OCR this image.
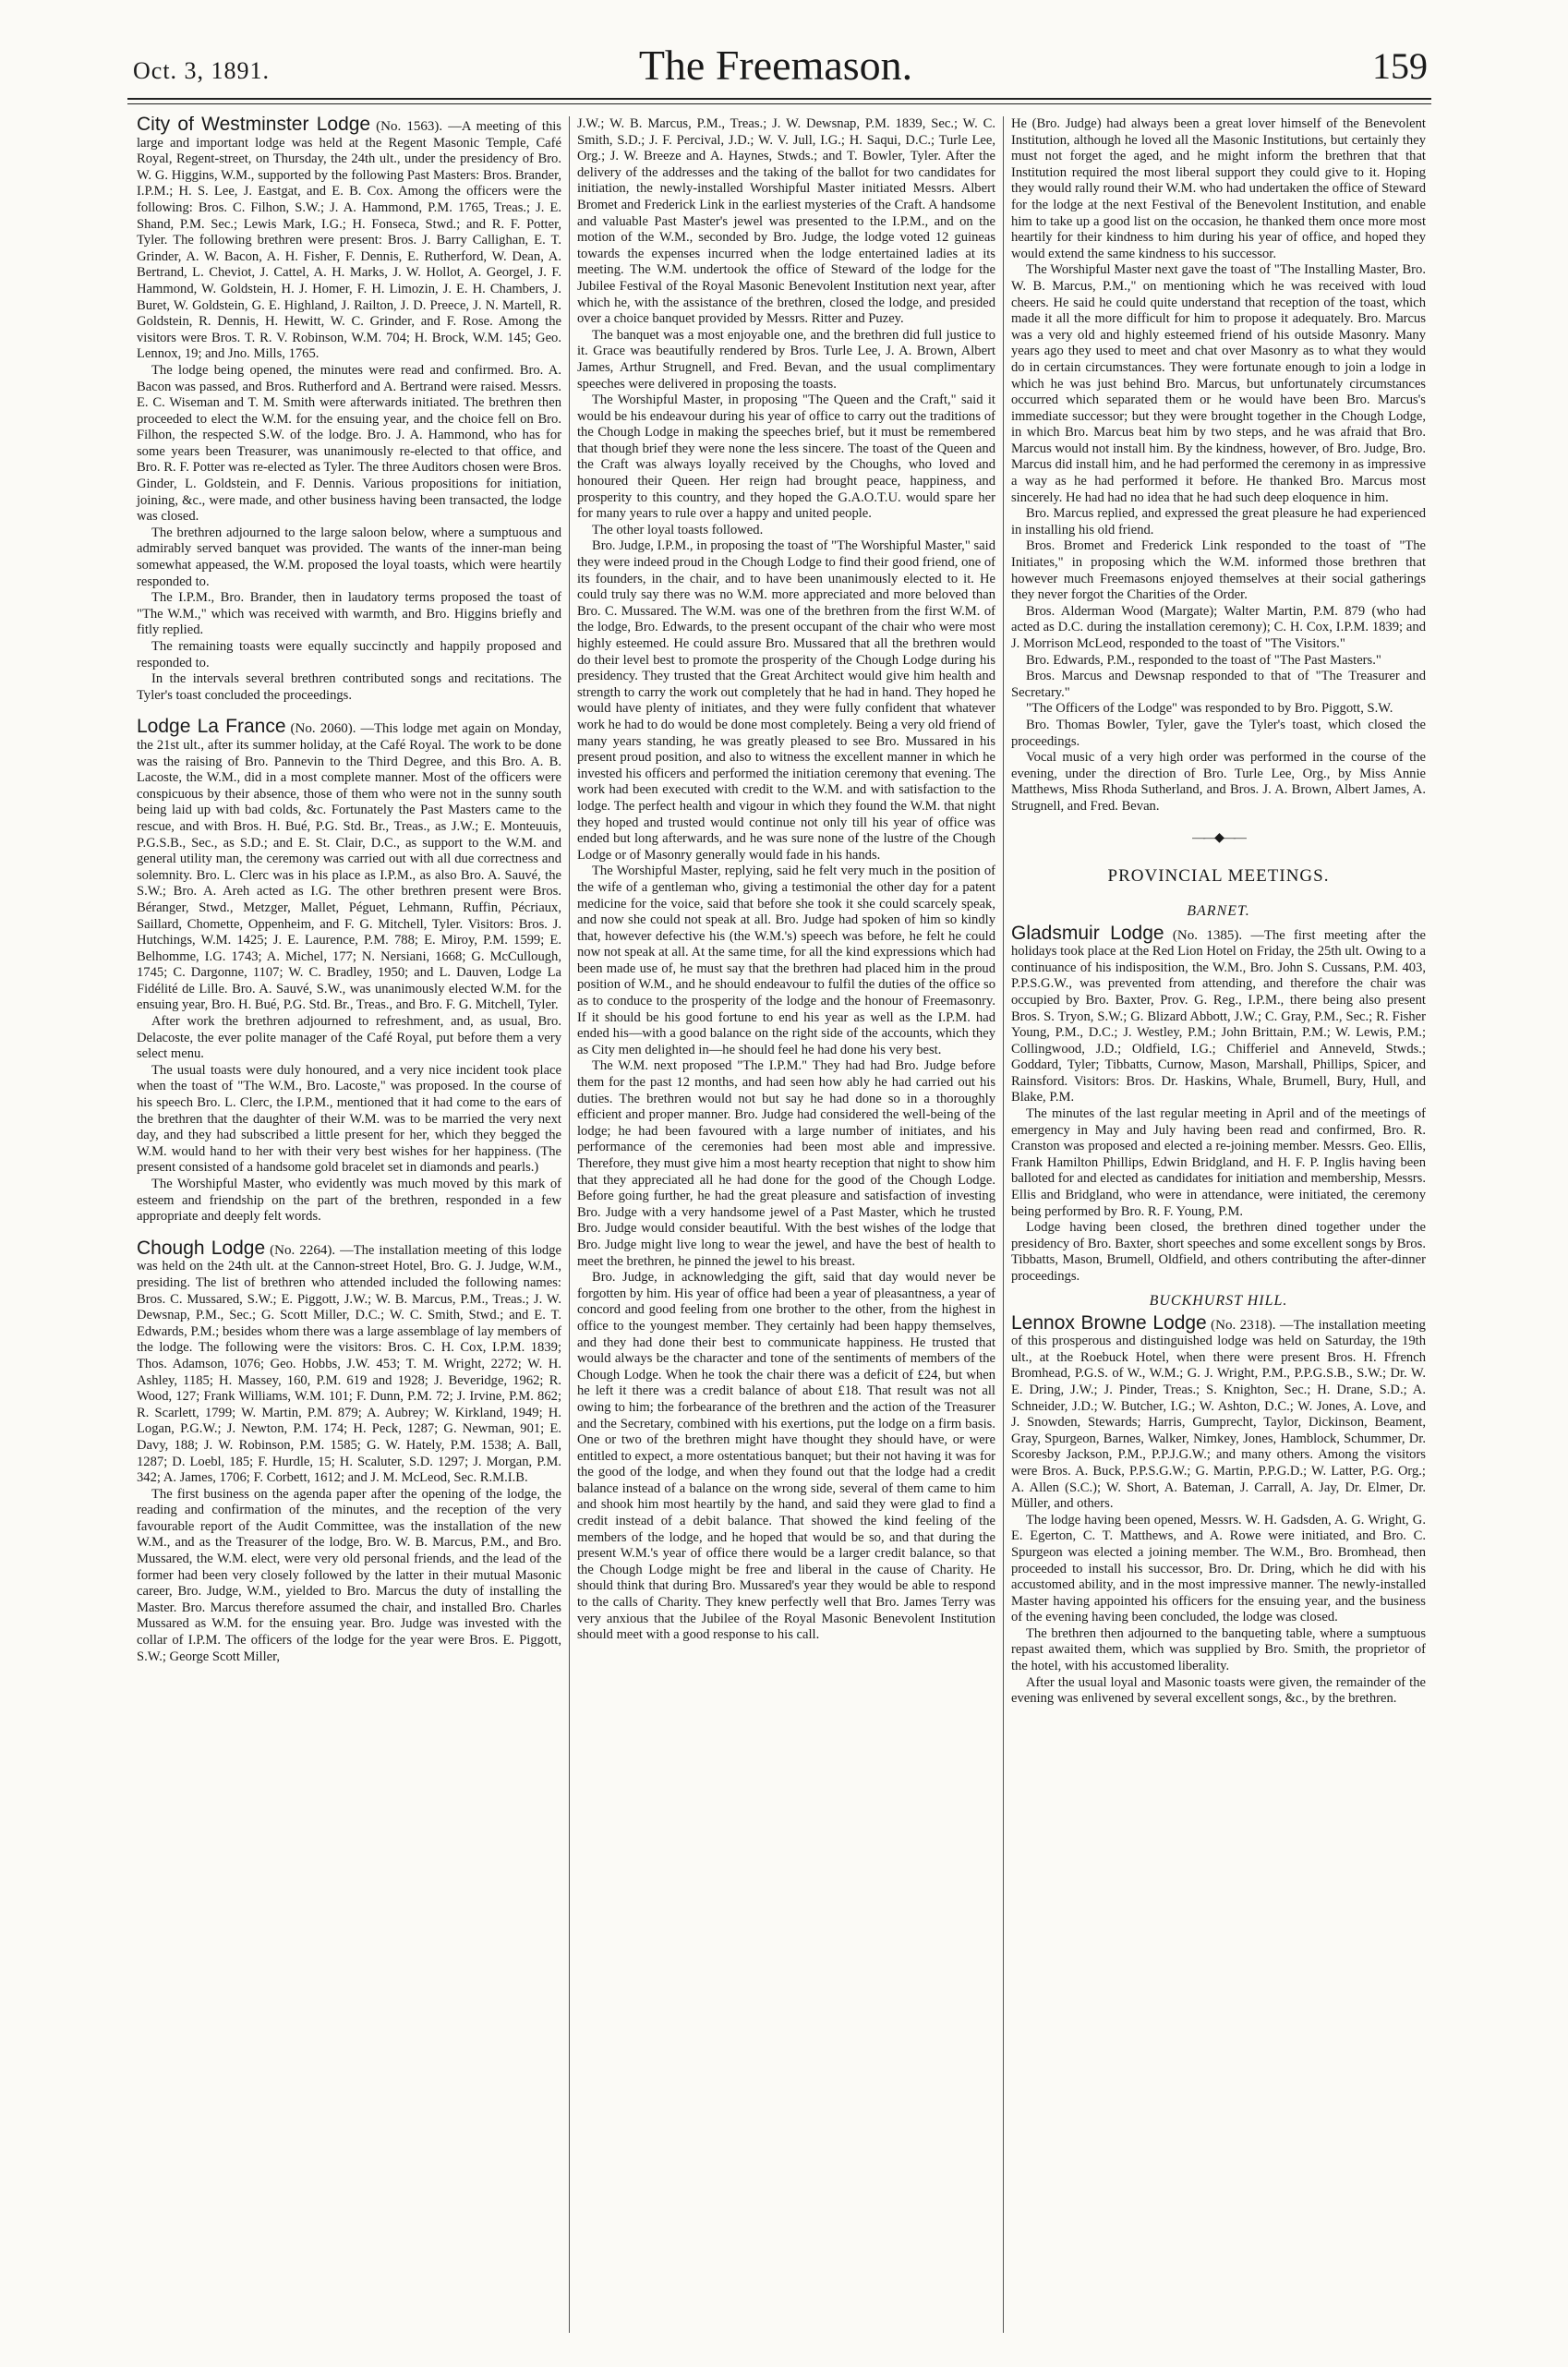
Oct. 3, 1891.	The Freemason.	159

City of Westminster Lodge (No. 1563). —A meeting of this large and important lodge was held at the Regent Masonic Temple, Café Royal, Regent-street, on Thursday, the 24th ult., under the presidency of Bro. W. G. Higgins, W.M., supported by the following Past Masters: Bros. Brander, I.P.M.; H. S. Lee, J. Eastgat, and E. B. Cox. Among the officers were the following: Bros. C. Filhon, S.W.; J. A. Hammond, P.M. 1765, Treas.; J. E. Shand, P.M. Sec.; Lewis Mark, I.G.; H. Fonseca, Stwd.; and R. F. Potter, Tyler. The following brethren were present: Bros. J. Barry Callighan, E. T. Grinder, A. W. Bacon, A. H. Fisher, F. Dennis, E. Rutherford, W. Dean, A. Bertrand, L. Cheviot, J. Cattel, A. H. Marks, J. W. Hollot, A. Georgel, J. F. Hammond, W. Goldstein, H. J. Homer, F. H. Limozin, J. E. H. Chambers, J. Buret, W. Goldstein, G. E. Highland, J. Railton, J. D. Preece, J. N. Martell, R. Goldstein, R. Dennis, H. Hewitt, W. C. Grinder, and F. Rose. Among the visitors were Bros. T. R. V. Robinson, W.M. 704; H. Brock, W.M. 145; Geo. Lennox, 19; and Jno. Mills, 1765.

The lodge being opened, the minutes were read and confirmed. Bro. A. Bacon was passed, and Bros. Rutherford and A. Bertrand were raised. Messrs. E. C. Wiseman and T. M. Smith were afterwards initiated. The brethren then proceeded to elect the W.M. for the ensuing year, and the choice fell on Bro. Filhon, the respected S.W. of the lodge. Bro. J. A. Hammond, who has for some years been Treasurer, was unanimously re-elected to that office, and Bro. R. F. Potter was re-elected as Tyler. The three Auditors chosen were Bros. Ginder, L. Goldstein, and F. Dennis. Various propositions for initiation, joining, &c., were made, and other business having been transacted, the lodge was closed.

The brethren adjourned to the large saloon below, where a sumptuous and admirably served banquet was provided. The wants of the inner-man being somewhat appeased, the W.M. proposed the loyal toasts, which were heartily responded to.

The I.P.M., Bro. Brander, then in laudatory terms proposed the toast of "The W.M.," which was received with warmth, and Bro. Higgins briefly and fitly replied.

The remaining toasts were equally succinctly and happily proposed and responded to.

In the intervals several brethren contributed songs and recitations. The Tyler's toast concluded the proceedings.

Lodge La France (No. 2060). —This lodge met again on Monday, the 21st ult., after its summer holiday, at the Café Royal. The work to be done was the raising of Bro. Pannevin to the Third Degree, and this Bro. A. B. Lacoste, the W.M., did in a most complete manner. Most of the officers were conspicuous by their absence, those of them who were not in the sunny south being laid up with bad colds, &c. Fortunately the Past Masters came to the rescue, and with Bros. H. Bué, P.G. Std. Br., Treas., as J.W.; E. Monteuuis, P.G.S.B., Sec., as S.D.; and E. St. Clair, D.C., as support to the W.M. and general utility man, the ceremony was carried out with all due correctness and solemnity. Bro. L. Clerc was in his place as I.P.M., as also Bro. A. Sauvé, the S.W.; Bro. A. Areh acted as I.G. The other brethren present were Bros. Béranger, Stwd., Metzger, Mallet, Péguet, Lehmann, Ruffin, Pécriaux, Saillard, Chomette, Oppenheim, and F. G. Mitchell, Tyler. Visitors: Bros. J. Hutchings, W.M. 1425; J. E. Laurence, P.M. 788; E. Miroy, P.M. 1599; E. Belhomme, I.G. 1743; A. Michel, 177; N. Nersiani, 1668; G. McCullough, 1745; C. Dargonne, 1107; W. C. Bradley, 1950; and L. Dauven, Lodge La Fidélité de Lille. Bro. A. Sauvé, S.W., was unanimously elected W.M. for the ensuing year, Bro. H. Bué, P.G. Std. Br., Treas., and Bro. F. G. Mitchell, Tyler.

After work the brethren adjourned to refreshment, and, as usual, Bro. Delacoste, the ever polite manager of the Café Royal, put before them a very select menu.

The usual toasts were duly honoured, and a very nice incident took place when the toast of "The W.M., Bro. Lacoste," was proposed. In the course of his speech Bro. L. Clerc, the I.P.M., mentioned that it had come to the ears of the brethren that the daughter of their W.M. was to be married the very next day, and they had subscribed a little present for her, which they begged the W.M. would hand to her with their very best wishes for her happiness. (The present consisted of a handsome gold bracelet set in diamonds and pearls.)

The Worshipful Master, who evidently was much moved by this mark of esteem and friendship on the part of the brethren, responded in a few appropriate and deeply felt words.

Chough Lodge (No. 2264). —The installation meeting of this lodge was held on the 24th ult. at the Cannon-street Hotel, Bro. G. J. Judge, W.M., presiding. The list of brethren who attended included the following names: Bros. C. Mussared, S.W.; E. Piggott, J.W.; W. B. Marcus, P.M., Treas.; J. W. Dewsnap, P.M., Sec.; G. Scott Miller, D.C.; W. C. Smith, Stwd.; and E. T. Edwards, P.M.; besides whom there was a large assemblage of lay members of the lodge. The following were the visitors: Bros. C. H. Cox, I.P.M. 1839; Thos. Adamson, 1076; Geo. Hobbs, J.W. 453; T. M. Wright, 2272; W. H. Ashley, 1185; H. Massey, 160, P.M. 619 and 1928; J. Beveridge, 1962; R. Wood, 127; Frank Williams, W.M. 101; F. Dunn, P.M. 72; J. Irvine, P.M. 862; R. Scarlett, 1799; W. Martin, P.M. 879; A. Aubrey; W. Kirkland, 1949; H. Logan, P.G.W.; J. Newton, P.M. 174; H. Peck, 1287; G. Newman, 901; E. Davy, 188; J. W. Robinson, P.M. 1585; G. W. Hately, P.M. 1538; A. Ball, 1287; D. Loebl, 185; F. Hurdle, 15; H. Scaluter, S.D. 1297; J. Morgan, P.M. 342; A. James, 1706; F. Corbett, 1612; and J. M. McLeod, Sec. R.M.I.B.

The first business on the agenda paper after the opening of the lodge, the reading and confirmation of the minutes, and the reception of the very favourable report of the Audit Committee, was the installation of the new W.M., and as the Treasurer of the lodge, Bro. W. B. Marcus, P.M., and Bro. Mussared, the W.M. elect, were very old personal friends, and the lead of the former had been very closely followed by the latter in their mutual Masonic career, Bro. Judge, W.M., yielded to Bro. Marcus the duty of installing the Master. Bro. Marcus therefore assumed the chair, and installed Bro. Charles Mussared as W.M. for the ensuing year. Bro. Judge was invested with the collar of I.P.M. The officers of the lodge for the year were Bros. E. Piggott, S.W.; George Scott Miller,

J.W.; W. B. Marcus, P.M., Treas.; J. W. Dewsnap, P.M. 1839, Sec.; W. C. Smith, S.D.; J. F. Percival, J.D.; W. V. Jull, I.G.; H. Saqui, D.C.; Turle Lee, Org.; J. W. Breeze and A. Haynes, Stwds.; and T. Bowler, Tyler. After the delivery of the addresses and the taking of the ballot for two candidates for initiation, the newly-installed Worshipful Master initiated Messrs. Albert Bromet and Frederick Link in the earliest mysteries of the Craft. A handsome and valuable Past Master's jewel was presented to the I.P.M., and on the motion of the W.M., seconded by Bro. Judge, the lodge voted 12 guineas towards the expenses incurred when the lodge entertained ladies at its meeting. The W.M. undertook the office of Steward of the lodge for the Jubilee Festival of the Royal Masonic Benevolent Institution next year, after which he, with the assistance of the brethren, closed the lodge, and presided over a choice banquet provided by Messrs. Ritter and Puzey.

The banquet was a most enjoyable one, and the brethren did full justice to it. Grace was beautifully rendered by Bros. Turle Lee, J. A. Brown, Albert James, Arthur Strugnell, and Fred. Bevan, and the usual complimentary speeches were delivered in proposing the toasts.

The Worshipful Master, in proposing "The Queen and the Craft," said it would be his endeavour during his year of office to carry out the traditions of the Chough Lodge in making the speeches brief, but it must be remembered that though brief they were none the less sincere. The toast of the Queen and the Craft was always loyally received by the Choughs, who loved and honoured their Queen. Her reign had brought peace, happiness, and prosperity to this country, and they hoped the G.A.O.T.U. would spare her for many years to rule over a happy and united people.

The other loyal toasts followed.

Bro. Judge, I.P.M., in proposing the toast of "The Worshipful Master," said they were indeed proud in the Chough Lodge to find their good friend, one of its founders, in the chair, and to have been unanimously elected to it. He could truly say there was no W.M. more appreciated and more beloved than Bro. C. Mussared. The W.M. was one of the brethren from the first W.M. of the lodge, Bro. Edwards, to the present occupant of the chair who were most highly esteemed. He could assure Bro. Mussared that all the brethren would do their level best to promote the prosperity of the Chough Lodge during his presidency. They trusted that the Great Architect would give him health and strength to carry the work out completely that he had in hand. They hoped he would have plenty of initiates, and they were fully confident that whatever work he had to do would be done most completely. Being a very old friend of many years standing, he was greatly pleased to see Bro. Mussared in his present proud position, and also to witness the excellent manner in which he invested his officers and performed the initiation ceremony that evening. The work had been executed with credit to the W.M. and with satisfaction to the lodge. The perfect health and vigour in which they found the W.M. that night they hoped and trusted would continue not only till his year of office was ended but long afterwards, and he was sure none of the lustre of the Chough Lodge or of Masonry generally would fade in his hands.

The Worshipful Master, replying, said he felt very much in the position of the wife of a gentleman who, giving a testimonial the other day for a patent medicine for the voice, said that before she took it she could scarcely speak, and now she could not speak at all. Bro. Judge had spoken of him so kindly that, however defective his (the W.M.'s) speech was before, he felt he could now not speak at all. At the same time, for all the kind expressions which had been made use of, he must say that the brethren had placed him in the proud position of W.M., and he should endeavour to fulfil the duties of the office so as to conduce to the prosperity of the lodge and the honour of Freemasonry. If it should be his good fortune to end his year as well as the I.P.M. had ended his—with a good balance on the right side of the accounts, which they as City men delighted in—he should feel he had done his very best.

The W.M. next proposed "The I.P.M." They had had Bro. Judge before them for the past 12 months, and had seen how ably he had carried out his duties. The brethren would not but say he had done so in a thoroughly efficient and proper manner. Bro. Judge had considered the well-being of the lodge; he had been favoured with a large number of initiates, and his performance of the ceremonies had been most able and impressive. Therefore, they must give him a most hearty reception that night to show him that they appreciated all he had done for the good of the Chough Lodge. Before going further, he had the great pleasure and satisfaction of investing Bro. Judge with a very handsome jewel of a Past Master, which he trusted Bro. Judge would consider beautiful. With the best wishes of the lodge that Bro. Judge might live long to wear the jewel, and have the best of health to meet the brethren, he pinned the jewel to his breast.

Bro. Judge, in acknowledging the gift, said that day would never be forgotten by him. His year of office had been a year of pleasantness, a year of concord and good feeling from one brother to the other, from the highest in office to the youngest member. They certainly had been happy themselves, and they had done their best to communicate happiness. He trusted that would always be the character and tone of the sentiments of members of the Chough Lodge. When he took the chair there was a deficit of £24, but when he left it there was a credit balance of about £18. That result was not all owing to him; the forbearance of the brethren and the action of the Treasurer and the Secretary, combined with his exertions, put the lodge on a firm basis. One or two of the brethren might have thought they should have, or were entitled to expect, a more ostentatious banquet; but their not having it was for the good of the lodge, and when they found out that the lodge had a credit balance instead of a balance on the wrong side, several of them came to him and shook him most heartily by the hand, and said they were glad to find a credit instead of a debit balance. That showed the kind feeling of the members of the lodge, and he hoped that would be so, and that during the present W.M.'s year of office there would be a larger credit balance, so that the Chough Lodge might be free and liberal in the cause of Charity. He should think that during Bro. Mussared's year they would be able to respond to the calls of Charity. They knew perfectly well that Bro. James Terry was very anxious that the Jubilee of the Royal Masonic Benevolent Institution should meet with a good response to his call.

He (Bro. Judge) had always been a great lover himself of the Benevolent Institution, although he loved all the Masonic Institutions, but certainly they must not forget the aged, and he might inform the brethren that that Institution required the most liberal support they could give to it. Hoping they would rally round their W.M. who had undertaken the office of Steward for the lodge at the next Festival of the Benevolent Institution, and enable him to take up a good list on the occasion, he thanked them once more most heartily for their kindness to him during his year of office, and hoped they would extend the same kindness to his successor.

The Worshipful Master next gave the toast of "The Installing Master, Bro. W. B. Marcus, P.M.," on mentioning which he was received with loud cheers. He said he could quite understand that reception of the toast, which made it all the more difficult for him to propose it adequately. Bro. Marcus was a very old and highly esteemed friend of his outside Masonry. Many years ago they used to meet and chat over Masonry as to what they would do in certain circumstances. They were fortunate enough to join a lodge in which he was just behind Bro. Marcus, but unfortunately circumstances occurred which separated them or he would have been Bro. Marcus's immediate successor; but they were brought together in the Chough Lodge, in which Bro. Marcus beat him by two steps, and he was afraid that Bro. Marcus would not install him. By the kindness, however, of Bro. Judge, Bro. Marcus did install him, and he had performed the ceremony in as impressive a way as he had performed it before. He thanked Bro. Marcus most sincerely. He had had no idea that he had such deep eloquence in him.

Bro. Marcus replied, and expressed the great pleasure he had experienced in installing his old friend.

Bros. Bromet and Frederick Link responded to the toast of "The Initiates," in proposing which the W.M. informed those brethren that however much Freemasons enjoyed themselves at their social gatherings they never forgot the Charities of the Order.

Bros. Alderman Wood (Margate); Walter Martin, P.M. 879 (who had acted as D.C. during the installation ceremony); C. H. Cox, I.P.M. 1839; and J. Morrison McLeod, responded to the toast of "The Visitors."

Bro. Edwards, P.M., responded to the toast of "The Past Masters."

Bros. Marcus and Dewsnap responded to that of "The Treasurer and Secretary."

"The Officers of the Lodge" was responded to by Bro. Piggott, S.W.

Bro. Thomas Bowler, Tyler, gave the Tyler's toast, which closed the proceedings.

Vocal music of a very high order was performed in the course of the evening, under the direction of Bro. Turle Lee, Org., by Miss Annie Matthews, Miss Rhoda Sutherland, and Bros. J. A. Brown, Albert James, A. Strugnell, and Fred. Bevan.

——◆——
PROVINCIAL MEETINGS.
BARNET.

Gladsmuir Lodge (No. 1385). —The first meeting after the holidays took place at the Red Lion Hotel on Friday, the 25th ult. Owing to a continuance of his indisposition, the W.M., Bro. John S. Cussans, P.M. 403, P.P.S.G.W., was prevented from attending, and therefore the chair was occupied by Bro. Baxter, Prov. G. Reg., I.P.M., there being also present Bros. S. Tryon, S.W.; G. Blizard Abbott, J.W.; C. Gray, P.M., Sec.; R. Fisher Young, P.M., D.C.; J. Westley, P.M.; John Brittain, P.M.; W. Lewis, P.M.; Collingwood, J.D.; Oldfield, I.G.; Chifferiel and Anneveld, Stwds.; Goddard, Tyler; Tibbatts, Curnow, Mason, Marshall, Phillips, Spicer, and Rainsford. Visitors: Bros. Dr. Haskins, Whale, Brumell, Bury, Hull, and Blake, P.M.

The minutes of the last regular meeting in April and of the meetings of emergency in May and July having been read and confirmed, Bro. R. Cranston was proposed and elected a re-joining member. Messrs. Geo. Ellis, Frank Hamilton Phillips, Edwin Bridgland, and H. F. P. Inglis having been balloted for and elected as candidates for initiation and membership, Messrs. Ellis and Bridgland, who were in attendance, were initiated, the ceremony being performed by Bro. R. F. Young, P.M.

Lodge having been closed, the brethren dined together under the presidency of Bro. Baxter, short speeches and some excellent songs by Bros. Tibbatts, Mason, Brumell, Oldfield, and others contributing the after-dinner proceedings.

BUCKHURST HILL.

Lennox Browne Lodge (No. 2318). —The installation meeting of this prosperous and distinguished lodge was held on Saturday, the 19th ult., at the Roebuck Hotel, when there were present Bros. H. Ffrench Bromhead, P.G.S. of W., W.M.; G. J. Wright, P.M., P.P.G.S.B., S.W.; Dr. W. E. Dring, J.W.; J. Pinder, Treas.; S. Knighton, Sec.; H. Drane, S.D.; A. Schneider, J.D.; W. Butcher, I.G.; W. Ashton, D.C.; W. Jones, A. Love, and J. Snowden, Stewards; Harris, Gumprecht, Taylor, Dickinson, Beament, Gray, Spurgeon, Barnes, Walker, Nimkey, Jones, Hamblock, Schummer, Dr. Scoresby Jackson, P.M., P.P.J.G.W.; and many others. Among the visitors were Bros. A. Buck, P.P.S.G.W.; G. Martin, P.P.G.D.; W. Latter, P.G. Org.; A. Allen (S.C.); W. Short, A. Bateman, J. Carrall, A. Jay, Dr. Elmer, Dr. Müller, and others.

The lodge having been opened, Messrs. W. H. Gadsden, A. G. Wright, G. E. Egerton, C. T. Matthews, and A. Rowe were initiated, and Bro. C. Spurgeon was elected a joining member. The W.M., Bro. Bromhead, then proceeded to install his successor, Bro. Dr. Dring, which he did with his accustomed ability, and in the most impressive manner. The newly-installed Master having appointed his officers for the ensuing year, and the business of the evening having been concluded, the lodge was closed.

The brethren then adjourned to the banqueting table, where a sumptuous repast awaited them, which was supplied by Bro. Smith, the proprietor of the hotel, with his accustomed liberality.

After the usual loyal and Masonic toasts were given, the remainder of the evening was enlivened by several excellent songs, &c., by the brethren.
